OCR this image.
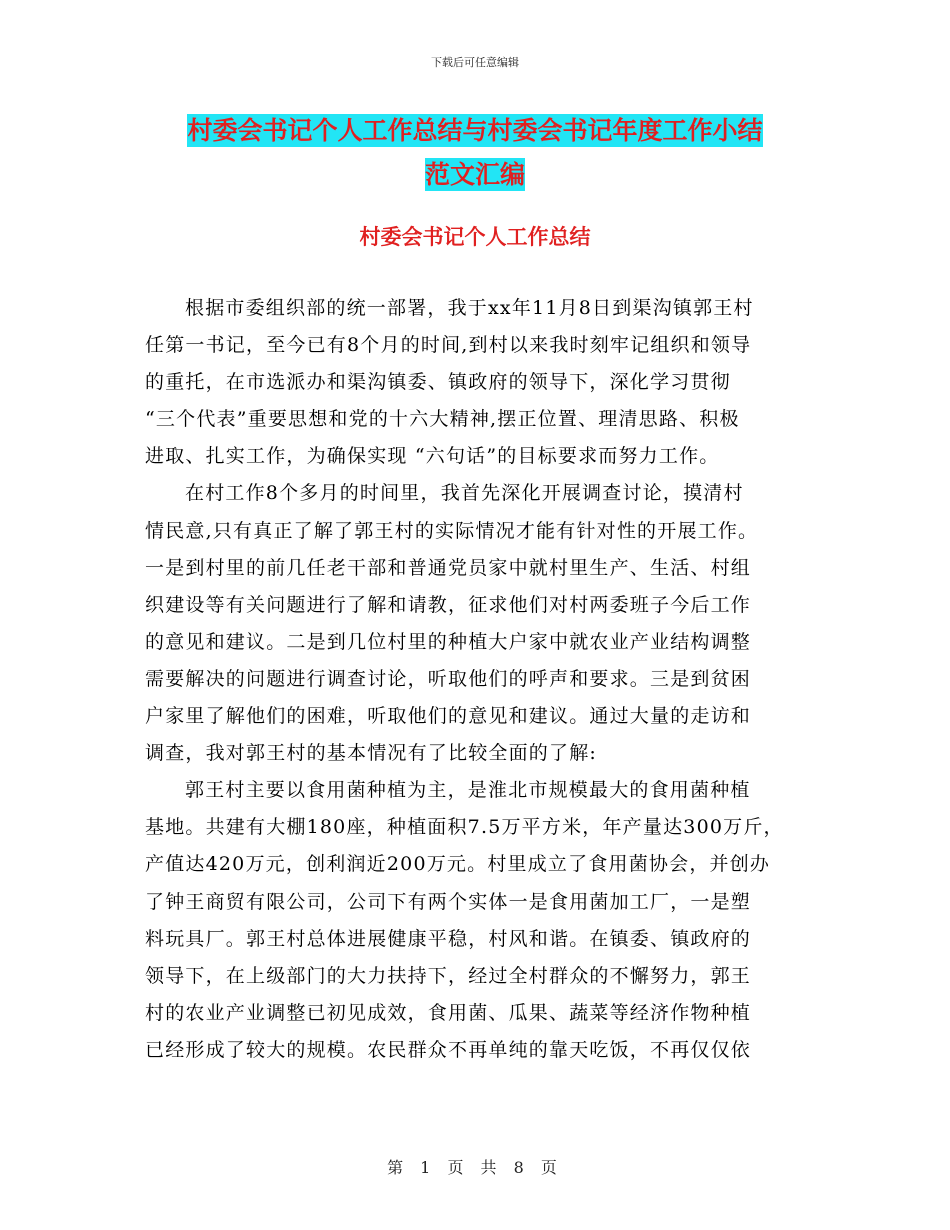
下载后可任意编辑
村委会书记个人工作总结与村委会书记年度工作小结
范文汇编
村委会书记个人工作总结
根据市委组织部的统一部署，我于xx年11月8日到渠沟镇郭王村
任第一书记，至今已有8个月的时间,到村以来我时刻牢记组织和领导
的重托，在市选派办和渠沟镇委、镇政府的领导下，深化学习贯彻
“三个代表”重要思想和党的十六大精神,摆正位置、理清思路、积极
进取、扎实工作，为确保实现 “六句话”的目标要求而努力工作。
在村工作8个多月的时间里，我首先深化开展调查讨论，摸清村
情民意,只有真正了解了郭王村的实际情况才能有针对性的开展工作。
一是到村里的前几任老干部和普通党员家中就村里生产、生活、村组
织建设等有关问题进行了解和请教，征求他们对村两委班子今后工作
的意见和建议。二是到几位村里的种植大户家中就农业产业结构调整
需要解决的问题进行调查讨论，听取他们的呼声和要求。三是到贫困
户家里了解他们的困难，听取他们的意见和建议。通过大量的走访和
调查，我对郭王村的基本情况有了比较全面的了解:
郭王村主要以食用菌种植为主，是淮北市规模最大的食用菌种植
基地。共建有大棚180座，种植面积7.5万平方米，年产量达300万斤，
产值达420万元，创利润近200万元。村里成立了食用菌协会，并创办
了钟王商贸有限公司，公司下有两个实体一是食用菌加工厂，一是塑
料玩具厂。郭王村总体进展健康平稳，村风和谐。在镇委、镇政府的
领导下，在上级部门的大力扶持下，经过全村群众的不懈努力，郭王
村的农业产业调整已初见成效，食用菌、瓜果、蔬菜等经济作物种植
已经形成了较大的规模。农民群众不再单纯的靠天吃饭，不再仅仅依
第 1 页 共 8 页
